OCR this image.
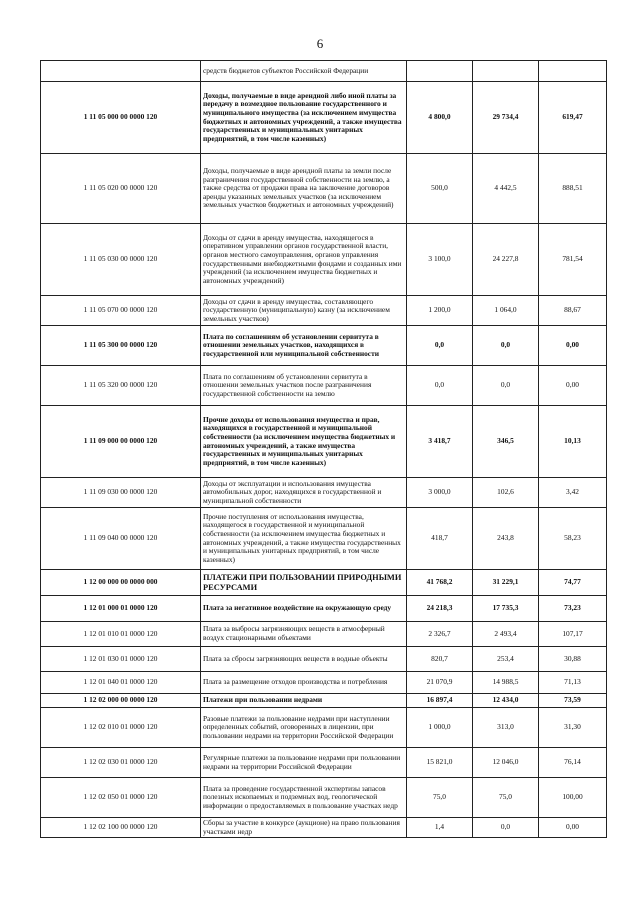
6
	средств бюджетов субъектов Российской Федерации			
1 11 05 000 00 0000 120	Доходы, получаемые в виде арендной либо иной платы за передачу в возмездное пользование государственного и муниципального имущества (за исключением имущества бюджетных и автономных учреждений, а также имущества государственных и муниципальных унитарных предприятий, в том числе казенных)	4 800,0	29 734,4	619,47
1 11 05 020 00 0000 120	Доходы, получаемые в виде арендной платы за земли после разграничения государственной собственности на землю, а также средства от продажи права на заключение договоров аренды указанных земельных участков (за исключением земельных участков бюджетных и автономных учреждений)	500,0	4 442,5	888,51
1 11 05 030 00 0000 120	Доходы от сдачи в аренду имущества, находящегося в оперативном управлении органов государственной власти, органов местного самоуправления, органов управления государственными внебюджетными фондами и созданных ими учреждений (за исключением имущества бюджетных и автономных учреждений)	3 100,0	24 227,8	781,54
1 11 05 070 00 0000 120	Доходы от сдачи в аренду имущества, составляющего государственную (муниципальную) казну (за исключением земельных участков)	1 200,0	1 064,0	88,67
1 11 05 300 00 0000 120	Плата по соглашениям об установлении сервитута в отношении земельных участков, находящихся в государственной или муниципальной собственности	0,0	0,0	0,00
1 11 05 320 00 0000 120	Плата по соглашениям об установлении сервитута в отношении земельных участков после разграничения государственной собственности на землю	0,0	0,0	0,00
1 11 09 000 00 0000 120	Прочие доходы от использования имущества и прав, находящихся в государственной и муниципальной собственности (за исключением имущества бюджетных и автономных учреждений, а также имущества государственных и муниципальных унитарных предприятий, в том числе казенных)	3 418,7	346,5	10,13
1 11 09 030 00 0000 120	Доходы от эксплуатации и использования имущества автомобильных дорог, находящихся в государственной и муниципальной собственности	3 000,0	102,6	3,42
1 11 09 040 00 0000 120	Прочие поступления от использования имущества, находящегося в государственной и муниципальной собственности (за исключением имущества бюджетных и автономных учреждений, а также имущества государственных и муниципальных унитарных предприятий, в том числе казенных)	418,7	243,8	58,23
1 12 00 000 00 0000 000	ПЛАТЕЖИ ПРИ ПОЛЬЗОВАНИИ ПРИРОДНЫМИ РЕСУРСАМИ	41 768,2	31 229,1	74,77
1 12 01 000 01 0000 120	Плата за негативное воздействие на окружающую среду	24 218,3	17 735,3	73,23
1 12 01 010 01 0000 120	Плата за выбросы загрязняющих веществ в атмосферный воздух стационарными объектами	2 326,7	2 493,4	107,17
1 12 01 030 01 0000 120	Плата за сбросы загрязняющих веществ в водные объекты	820,7	253,4	30,88
1 12 01 040 01 0000 120	Плата за размещение отходов производства и потребления	21 070,9	14 988,5	71,13
1 12 02 000 00 0000 120	Платежи при пользовании недрами	16 897,4	12 434,0	73,59
1 12 02 010 01 0000 120	Разовые платежи за пользование недрами при наступлении определенных событий, оговоренных в лицензии, при пользовании недрами на территории Российской Федерации	1 000,0	313,0	31,30
1 12 02 030 01 0000 120	Регулярные платежи за пользование недрами при пользовании недрами на территории Российской Федерации	15 821,0	12 046,0	76,14
1 12 02 050 01 0000 120	Плата за проведение государственной экспертизы запасов полезных ископаемых и подземных вод, геологической информации о предоставляемых в пользование участках недр	75,0	75,0	100,00
1 12 02 100 00 0000 120	Сборы за участие в конкурсе (аукционе) на право пользования участками недр	1,4	0,0	0,00
